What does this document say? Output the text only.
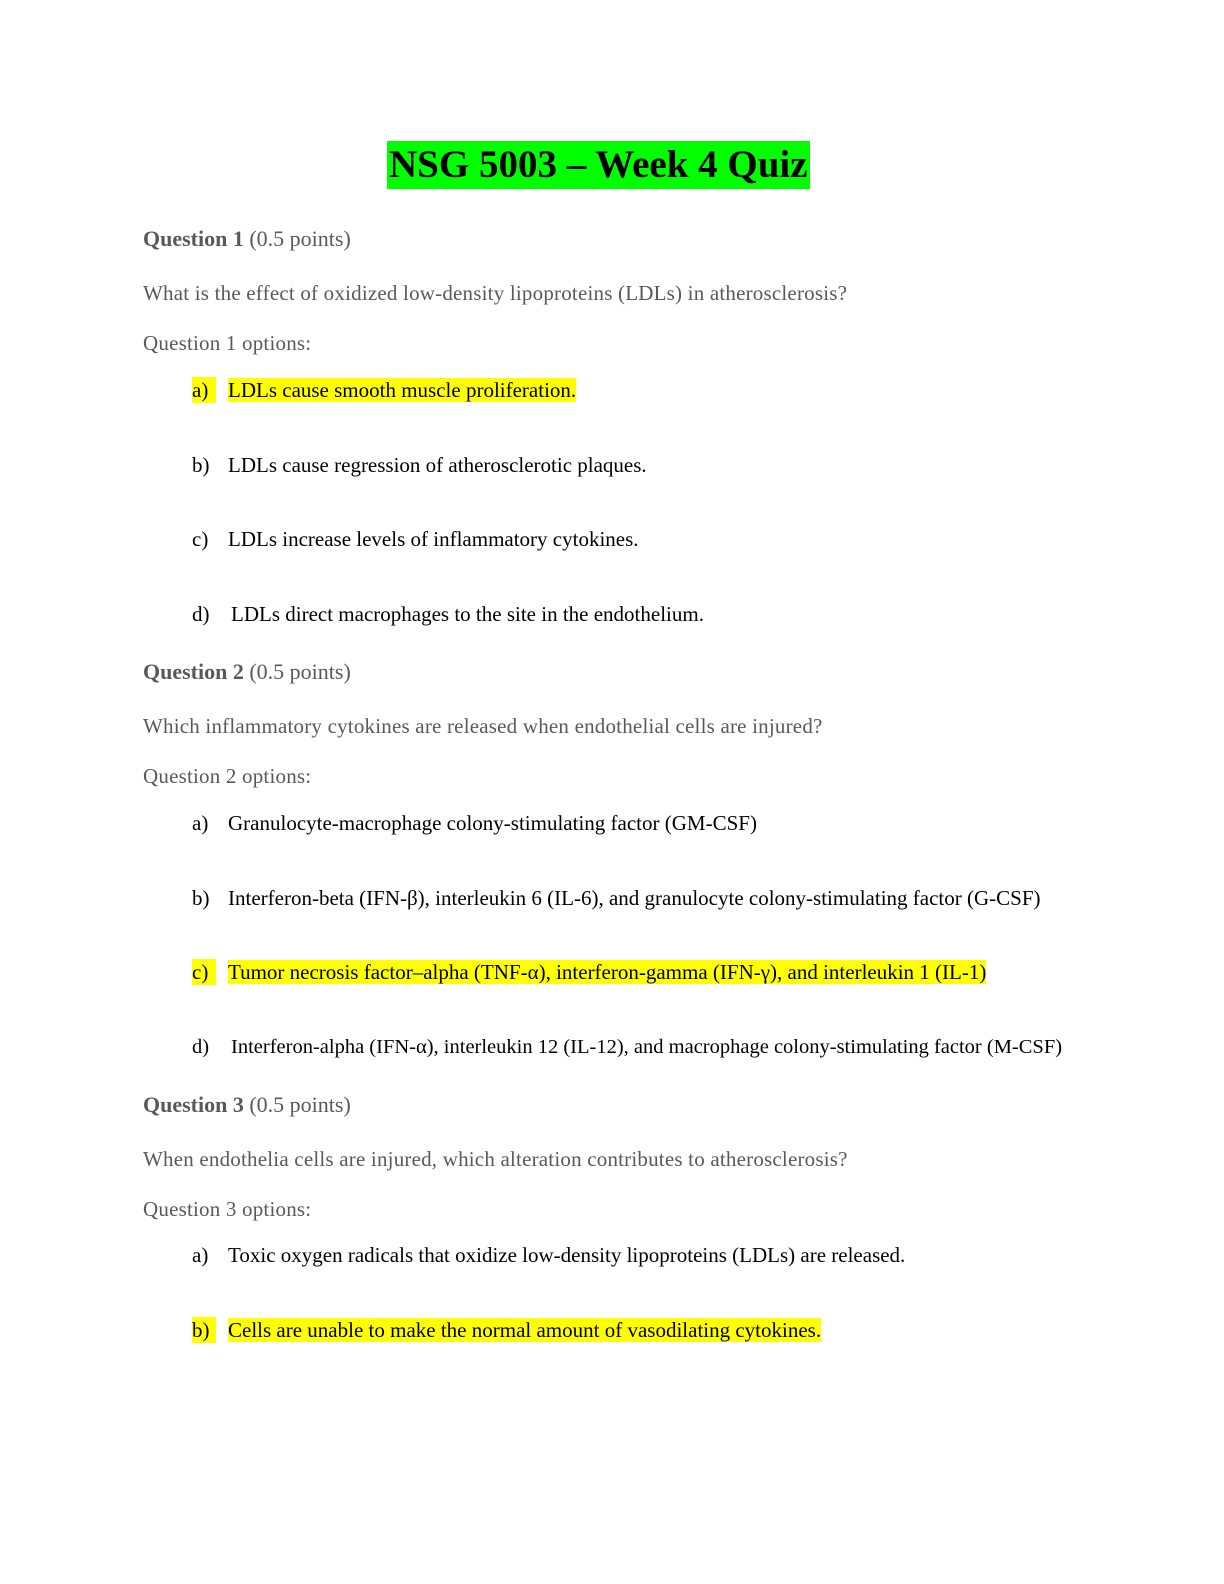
NSG 5003 – Week 4 Quiz
Question 1 (0.5 points)
What is the effect of oxidized low-density lipoproteins (LDLs) in atherosclerosis?
Question 1 options:
a) LDLs cause smooth muscle proliferation.
b) LDLs cause regression of atherosclerotic plaques.
c) LDLs increase levels of inflammatory cytokines.
d) LDLs direct macrophages to the site in the endothelium.
Question 2 (0.5 points)
Which inflammatory cytokines are released when endothelial cells are injured?
Question 2 options:
a) Granulocyte-macrophage colony-stimulating factor (GM-CSF)
b) Interferon-beta (IFN-β), interleukin 6 (IL-6), and granulocyte colony-stimulating factor (G-CSF)
c) Tumor necrosis factor–alpha (TNF-α), interferon-gamma (IFN-γ), and interleukin 1 (IL-1)
d) Interferon-alpha (IFN-α), interleukin 12 (IL-12), and macrophage colony-stimulating factor (M-CSF)
Question 3 (0.5 points)
When endothelia cells are injured, which alteration contributes to atherosclerosis?
Question 3 options:
a) Toxic oxygen radicals that oxidize low-density lipoproteins (LDLs) are released.
b) Cells are unable to make the normal amount of vasodilating cytokines.
